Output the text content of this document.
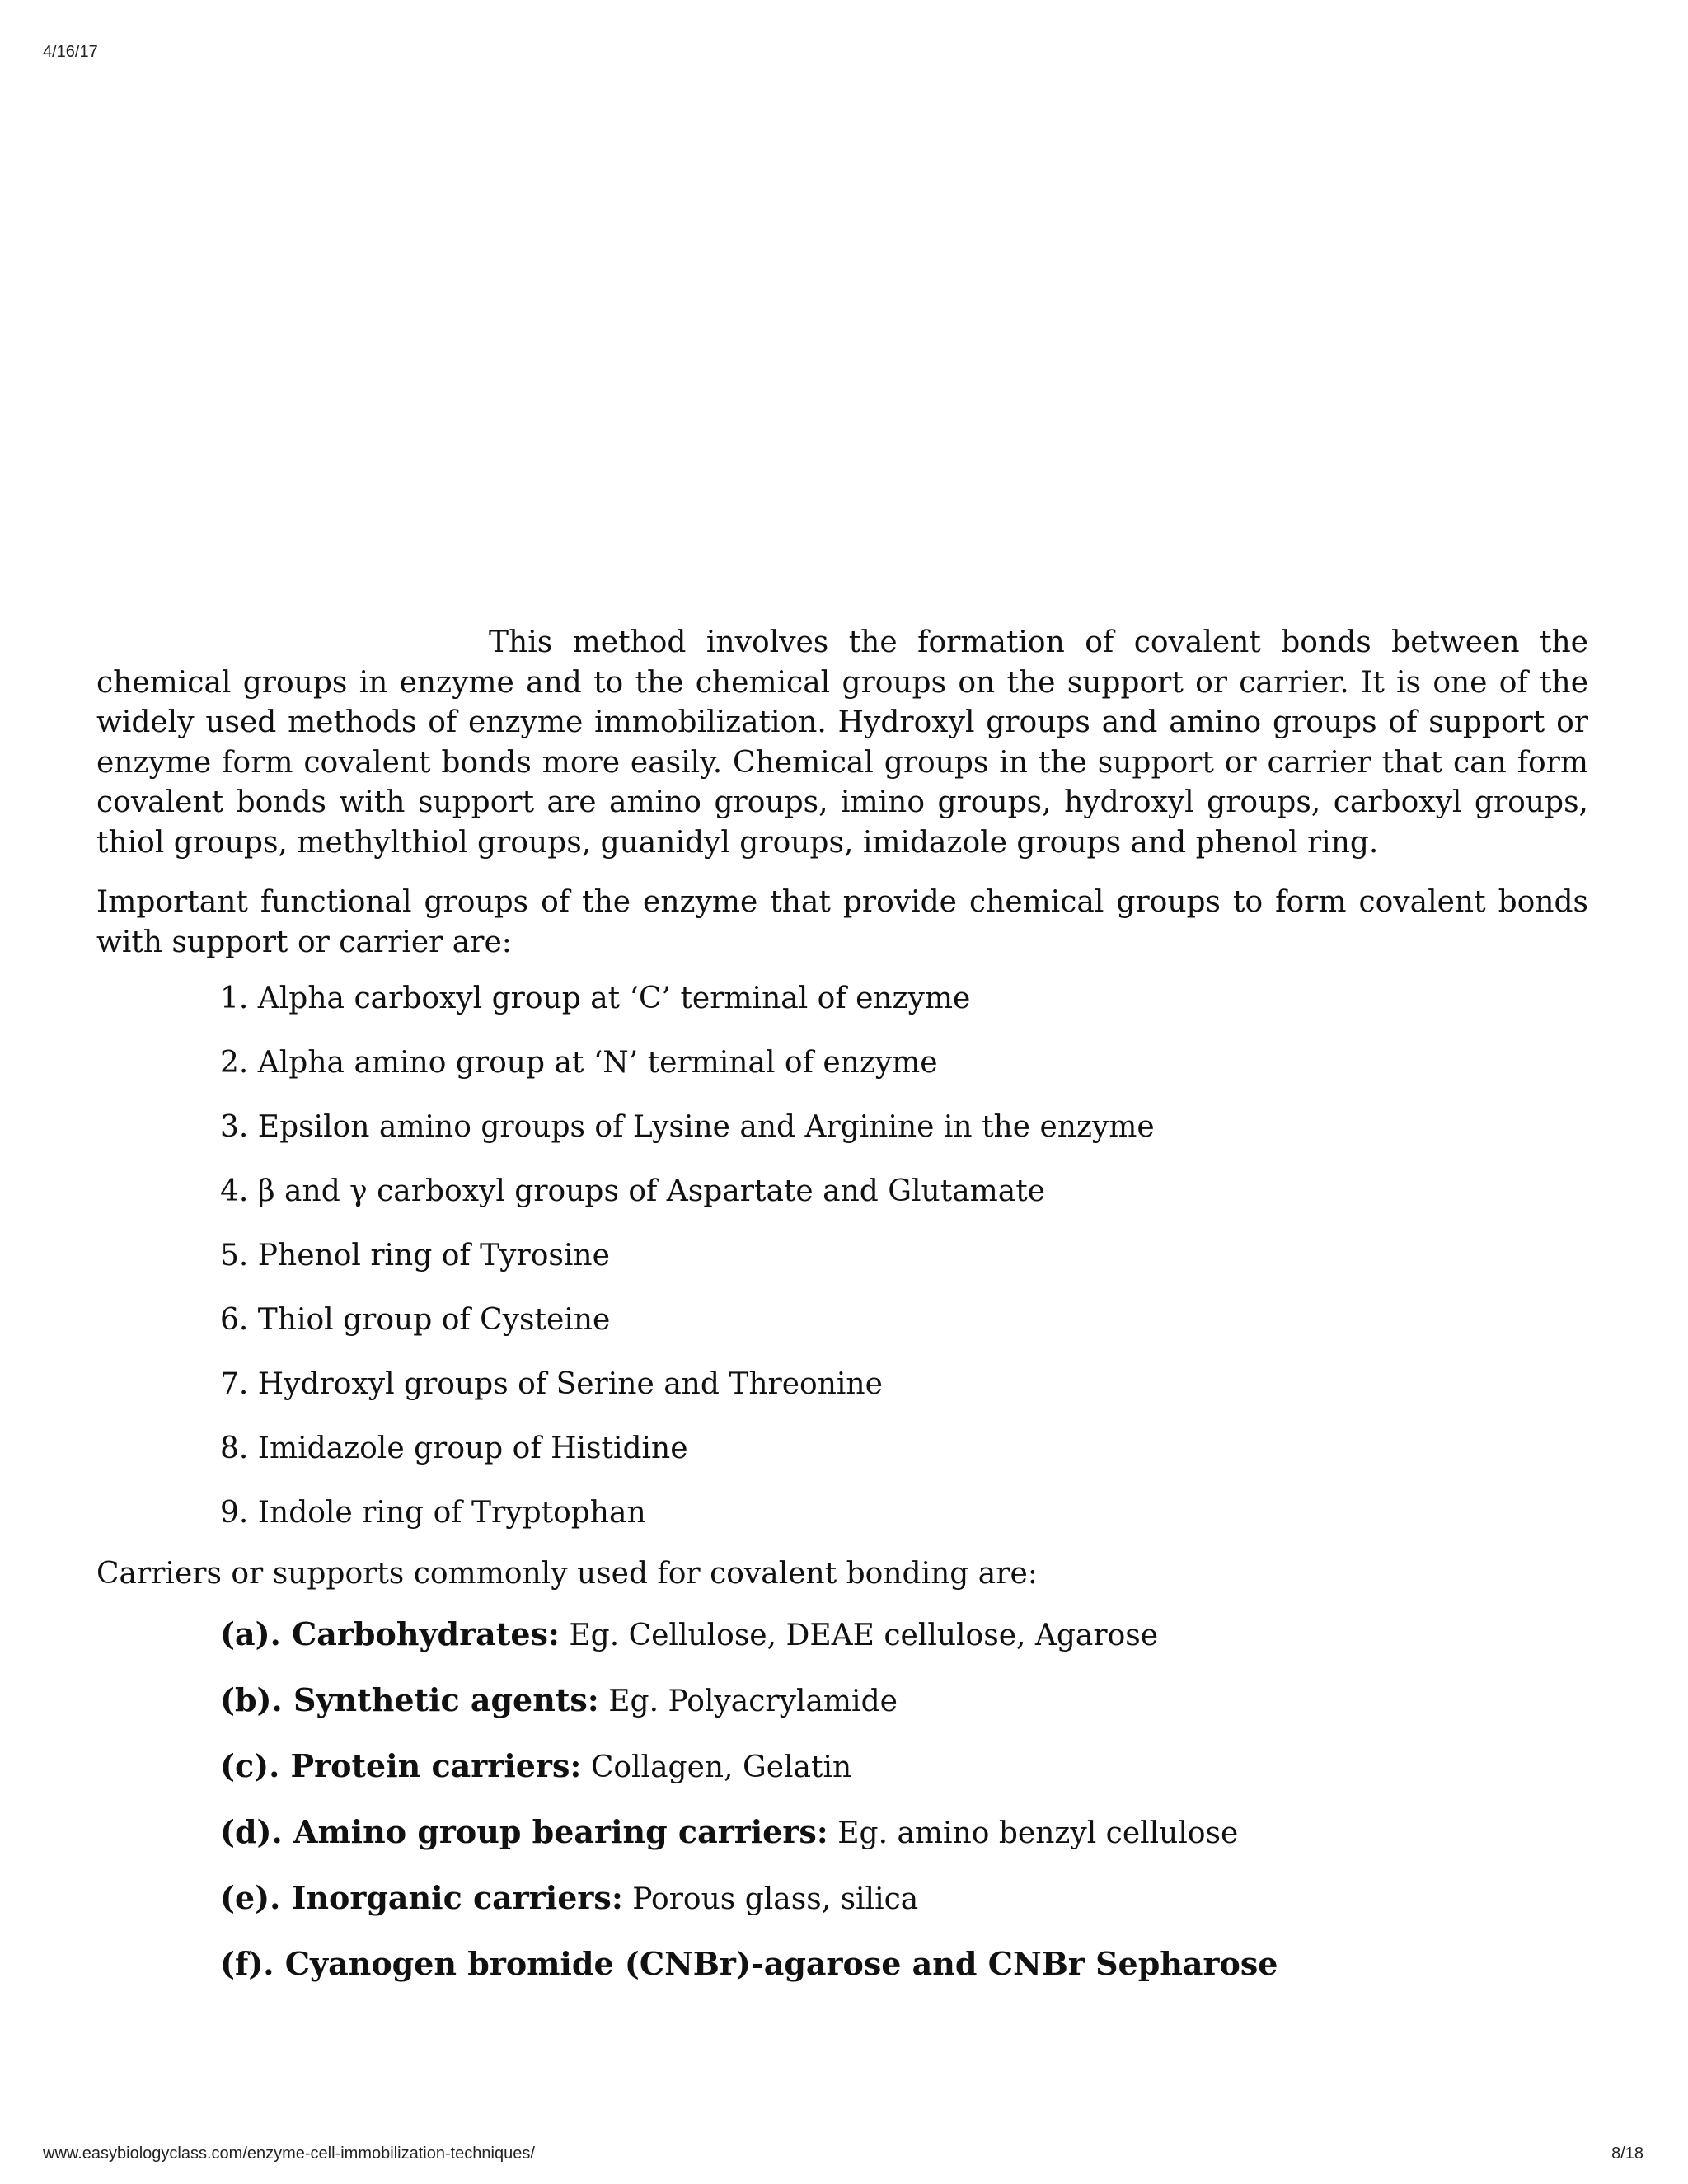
4/16/17

This method involves the formation of covalent bonds between the chemical groups in enzyme and to the chemical groups on the support or carrier. It is one of the widely used methods of enzyme immobilization. Hydroxyl groups and amino groups of support or enzyme form covalent bonds more easily. Chemical groups in the support or carrier that can form covalent bonds with support are amino groups, imino groups, hydroxyl groups, carboxyl groups, thiol groups, methylthiol groups, guanidyl groups, imidazole groups and phenol ring.

Important functional groups of the enzyme that provide chemical groups to form covalent bonds with support or carrier are:

1. Alpha carboxyl group at ‘C’ terminal of enzyme
2. Alpha amino group at ‘N’ terminal of enzyme
3. Epsilon amino groups of Lysine and Arginine in the enzyme
4. β and γ carboxyl groups of Aspartate and Glutamate
5. Phenol ring of Tyrosine
6. Thiol group of Cysteine
7. Hydroxyl groups of Serine and Threonine
8. Imidazole group of Histidine
9. Indole ring of Tryptophan

Carriers or supports commonly used for covalent bonding are:

(a). Carbohydrates: Eg. Cellulose, DEAE cellulose, Agarose
(b). Synthetic agents: Eg. Polyacrylamide
(c). Protein carriers: Collagen, Gelatin
(d). Amino group bearing carriers: Eg. amino benzyl cellulose
(e). Inorganic carriers: Porous glass, silica
(f). Cyanogen bromide (CNBr)-agarose and CNBr Sepharose
www.easybiologyclass.com/enzyme-cell-immobilization-techniques/	8/18
